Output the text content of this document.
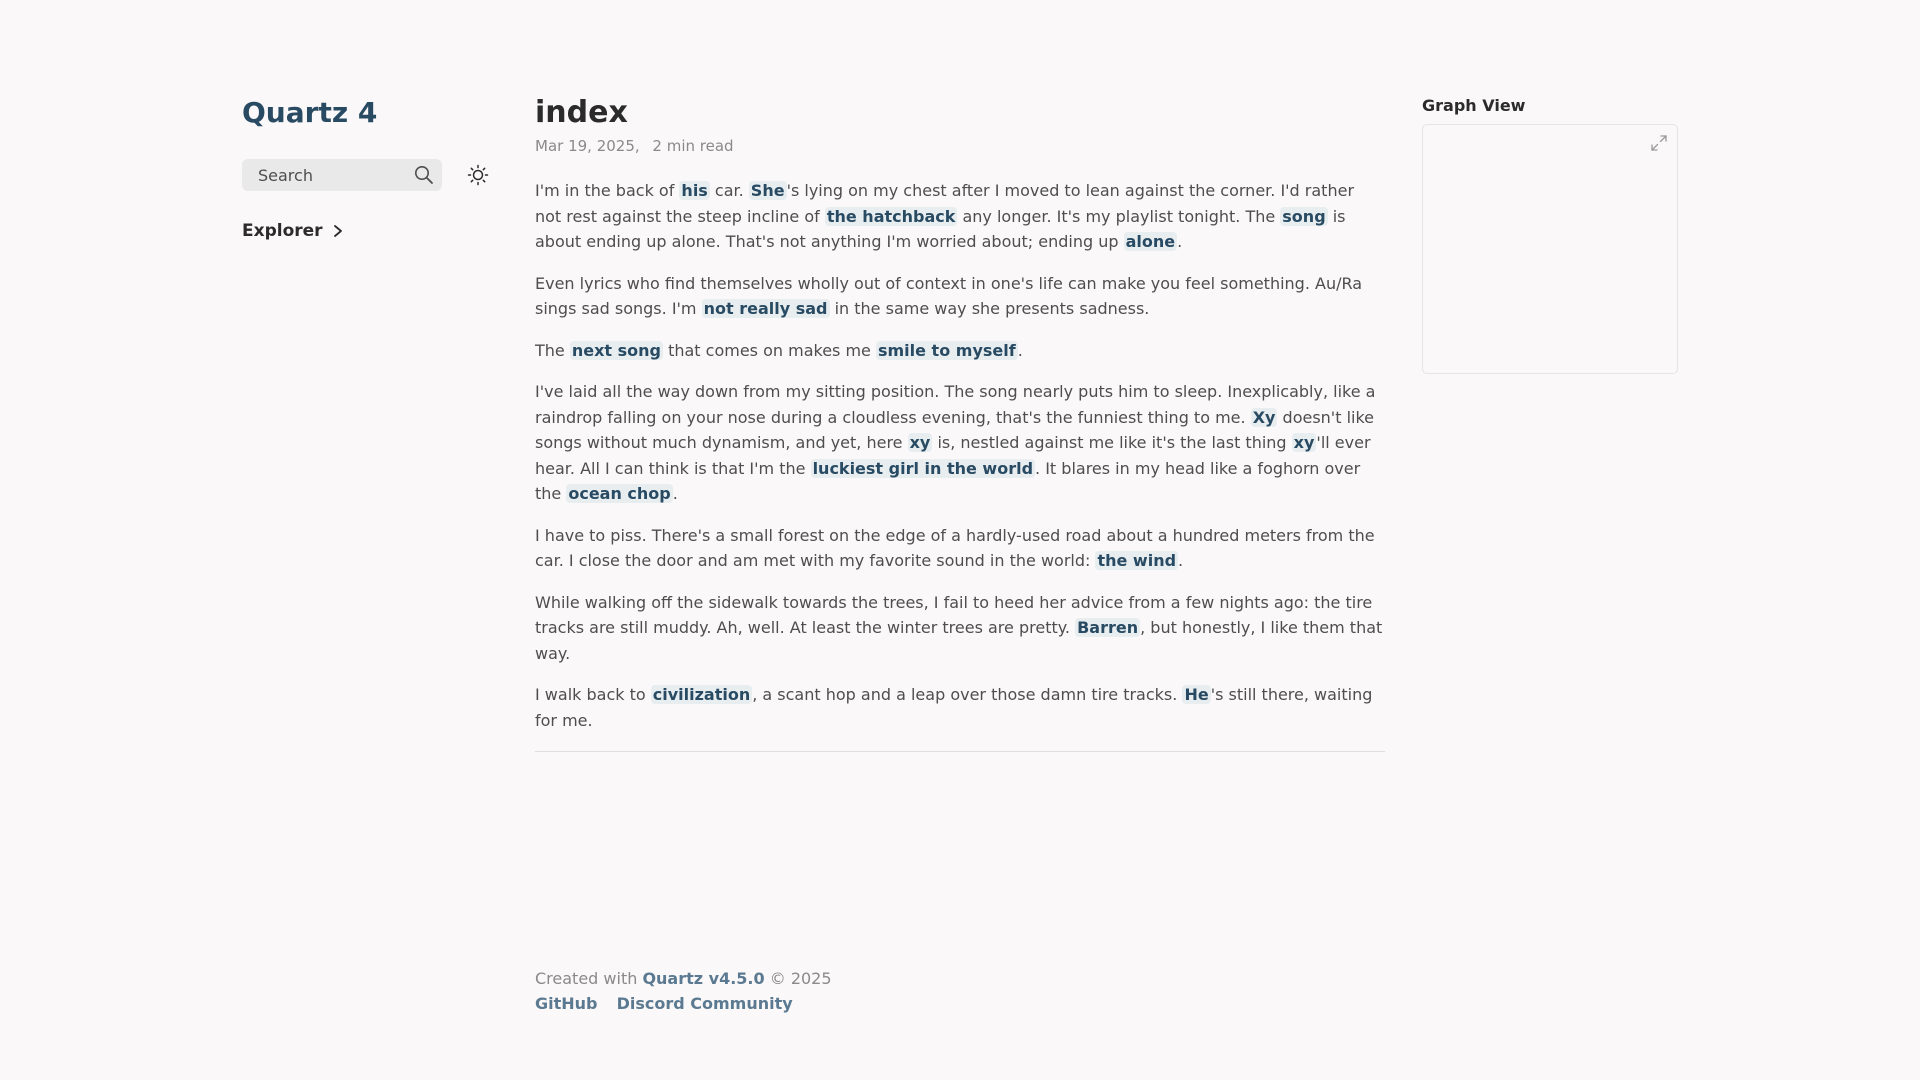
Quartz 4
Search
Explorer
index
Mar 19, 2025, 2 min read

I'm in the back of his car. She 's lying on my chest after I moved to lean against the corner. I'd rather not rest against the steep incline of the hatchback any longer. It's my playlist tonight. The song is about ending up alone. That's not anything I'm worried about; ending up alone .

Even lyrics who find themselves wholly out of context in one's life can make you feel something. Au/Ra sings sad songs. I'm not really sad in the same way she presents sadness.

The next song that comes on makes me smile to myself .

I've laid all the way down from my sitting position. The song nearly puts him to sleep. Inexplicably, like a raindrop falling on your nose during a cloudless evening, that's the funniest thing to me. Xy doesn't like songs without much dynamism, and yet, here xy is, nestled against me like it's the last thing xy 'll ever hear. All I can think is that I'm the luckiest girl in the world . It blares in my head like a foghorn over the ocean chop .

I have to piss. There's a small forest on the edge of a hardly-used road about a hundred meters from the car. I close the door and am met with my favorite sound in the world: the wind .

While walking off the sidewalk towards the trees, I fail to heed her advice from a few nights ago: the tire tracks are still muddy. Ah, well. At least the winter trees are pretty. Barren , but honestly, I like them that way.

I walk back to civilization , a scant hop and a leap over those damn tire tracks. He 's still there, waiting for me.

Graph View
Created with Quartz v4.5.0 © 2025
GitHub Discord Community
